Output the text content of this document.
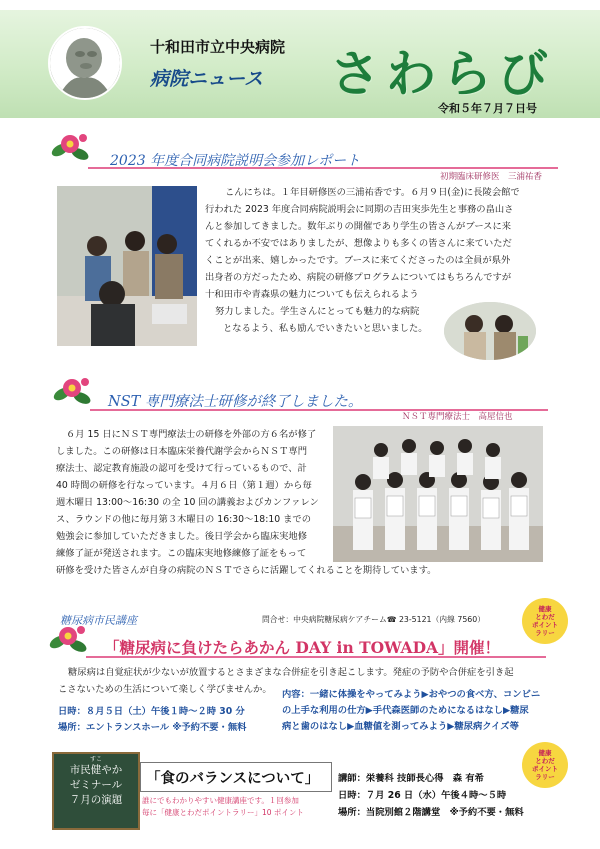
十和田市立中央病院
病院ニュース さわらび
令和５年７月７日号
2023 年度合同病院説明会参加レポート
初期臨床研修医　三浦祐香

こんにちは。１年目研修医の三浦祐香です。６月９日(金)に長陵会館で

行われた 2023 年度合同病院説明会に同期の吉田実歩先生と事務の畠山さ

んと参加してきました。数年ぶりの開催であり学生の皆さんがブースに来

てくれるか不安ではありましたが、想像よりも多くの皆さんに来ていただ

くことが出来、嬉しかったです。ブースに来てくださったのは全員が県外

出身者の方だったため、病院の研修プログラムについてはもちろんですが

十和田市や青森県の魅力についても伝えられるよう

努力しました。学生さんにとっても魅力的な病院

となるよう、私も励んでいきたいと思いました。

NST 専門療法士研修が終了しました。
ＮＳＴ専門療法士　高屋信也

６月 15 日にＮＳＴ専門療法士の研修を外部の方６名が修了

しました。この研修は日本臨床栄養代謝学会からＮＳＴ専門

療法士、認定教育施設の認可を受けて行っているもので、計

40 時間の研修を行なっています。４月６日（第１週）から毎

週木曜日 13:00〜16:30 の全 10 回の講義およびカンファレン

ス、ラウンドの他に毎月第３木曜日の 16:30〜18:10 までの

勉強会に参加していただきました。後日学会から臨床実地修

練修了証が発送されます。この臨床実地修練修了証をもって

研修を受けた皆さんが自身の病院のＮＳＴでさらに活躍してくれることを期待しています。

糖尿病市民講座	問合せ：中央病院糖尿病ケアチーム☎ 23-5121（内線 7560）
「糖尿病に負けたらあかん DAY in TOWADA」開催！
健康
とわだ
ポイント
ラリー

糖尿病は自覚症状が少ないが放置するとさまざまな合併症を引き起こします。発症の予防や合併症を引き起

こさないための生活について楽しく学びませんか。

日時：８月５日（土）午後１時〜２時 30 分
場所：エントランスホール ※予約不要・無料
内容：一緒に体操をやってみよう▶おやつの食べ方、コンビニ
の上手な利用の仕方▶手代森医師のためになるはなし▶糖尿
病と歯のはなし▶血糖値を測ってみよう▶糖尿病クイズ等
すこ
市民健やか
ゼミナール
７月の演題
「食のバランスについて」
誰にでもわかりやすい健康講座です。１回参加
毎に「健康とわだポイントラリー」10 ポイント
講師：栄養科 技師長心得　森 有希
日時：７月 26 日（水）午後４時〜５時
場所：当院別館２階講堂　※予約不要・無料
健康
とわだ
ポイント
ラリー
